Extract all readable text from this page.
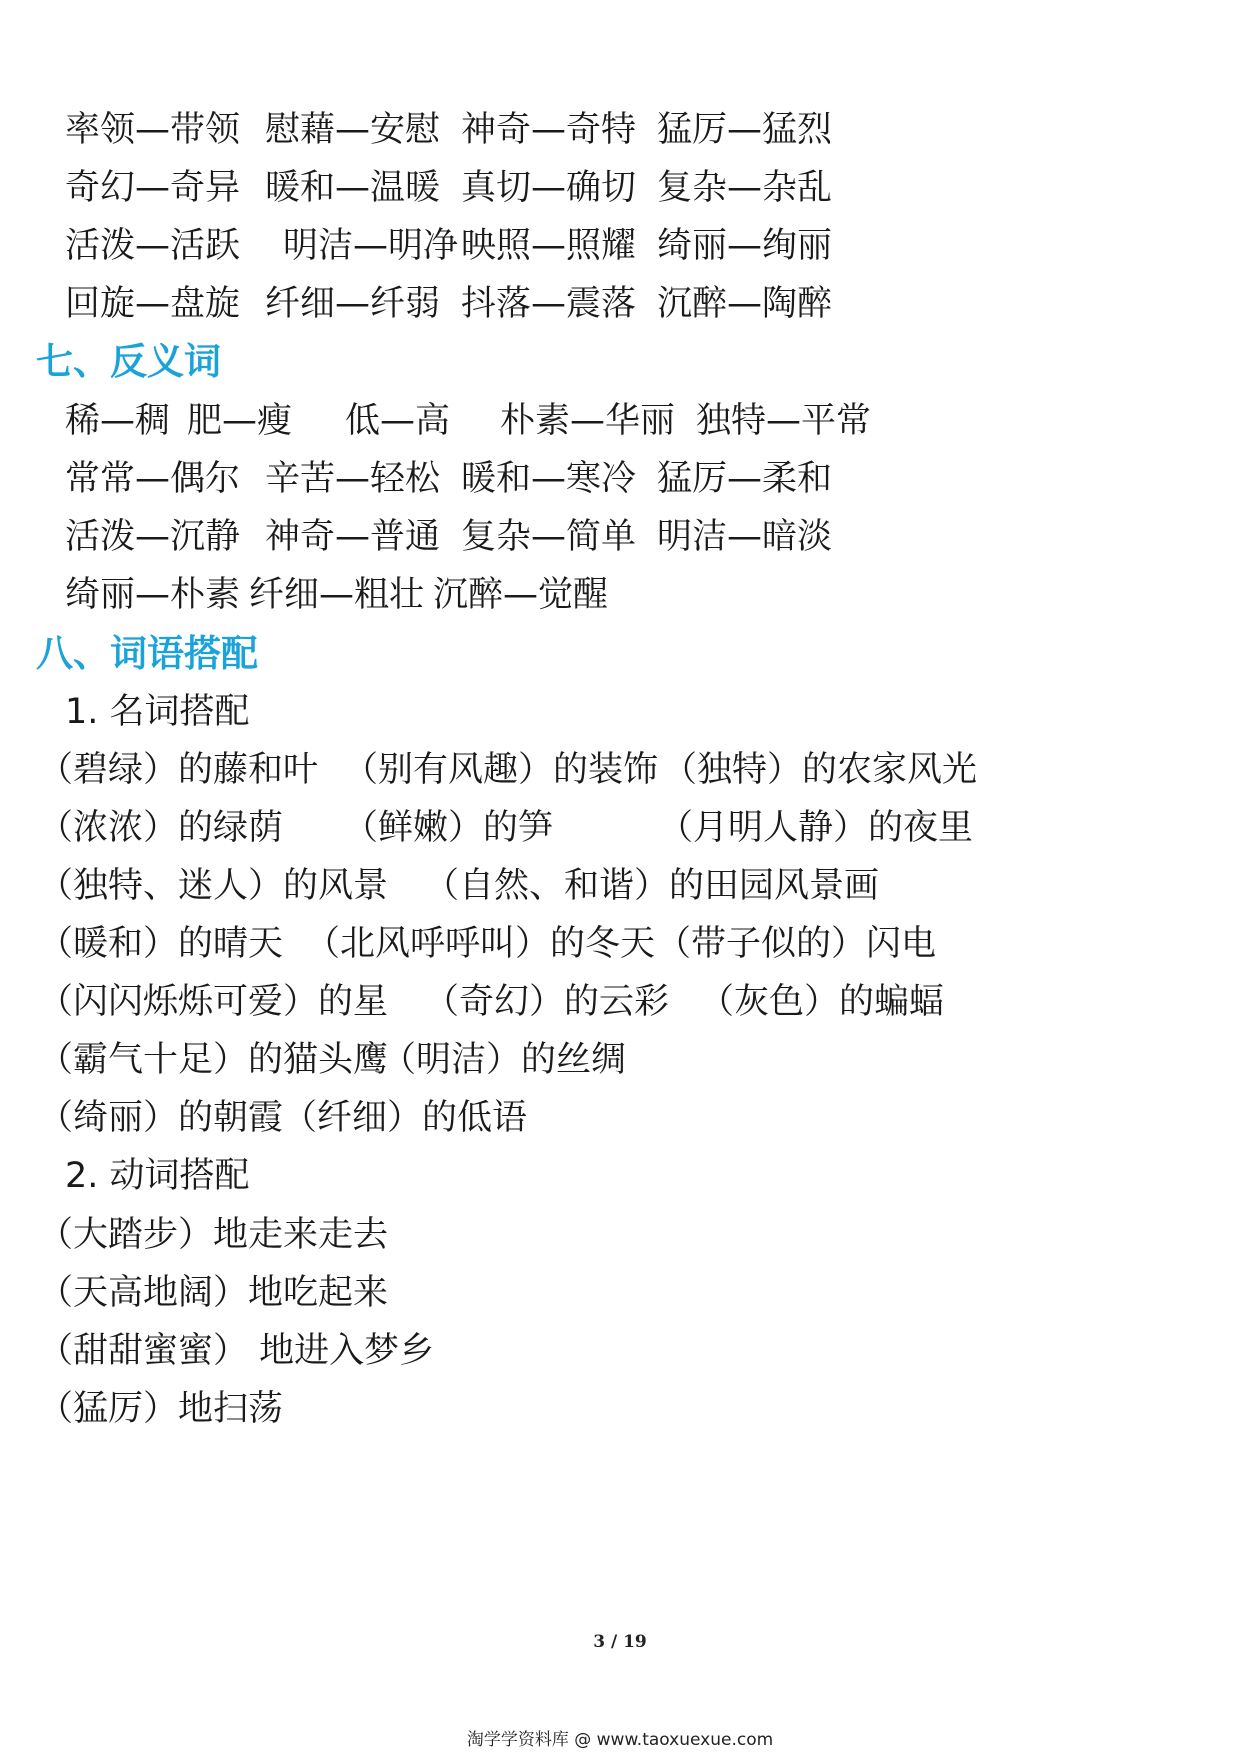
率领—带领 慰藉—安慰 神奇—奇特 猛厉—猛烈
奇幻—奇异 暖和—温暖 真切—确切 复杂—杂乱
活泼—活跃 明洁—明净 映照—照耀 绮丽—绚丽
回旋—盘旋 纤细—纤弱 抖落—震落 沉醉—陶醉
七、反义词
稀—稠 肥—瘦 低—高 朴素—华丽 独特—平常
常常—偶尔 辛苦—轻松 暖和—寒冷 猛厉—柔和
活泼—沉静 神奇—普通 复杂—简单 明洁—暗淡
绮丽—朴素 纤细—粗壮 沉醉—觉醒
八、词语搭配
1. 名词搭配
（碧绿）的藤和叶 （别有风趣）的装饰 （独特）的农家风光
（浓浓）的绿荫 （鲜嫩）的笋	（月明人静）的夜里
（独特、迷人）的风景 （自然、和谐）的田园风景画
（暖和）的晴天 （北风呼呼叫）的冬天 （带子似的）闪电
（闪闪烁烁可爱）的星 （奇幻）的云彩 （灰色）的蝙蝠
（霸气十足）的猫头鹰
（明洁）的丝绸
（绮丽）的朝霞
（纤细）的低语
2. 动词搭配
（大踏步）地走来走去
（天高地阔）地吃起来
（甜甜蜜蜜） 地进入梦乡
（猛厉）地扫荡
3 / 19
淘学学资料库 @ www.taoxuexue.com
